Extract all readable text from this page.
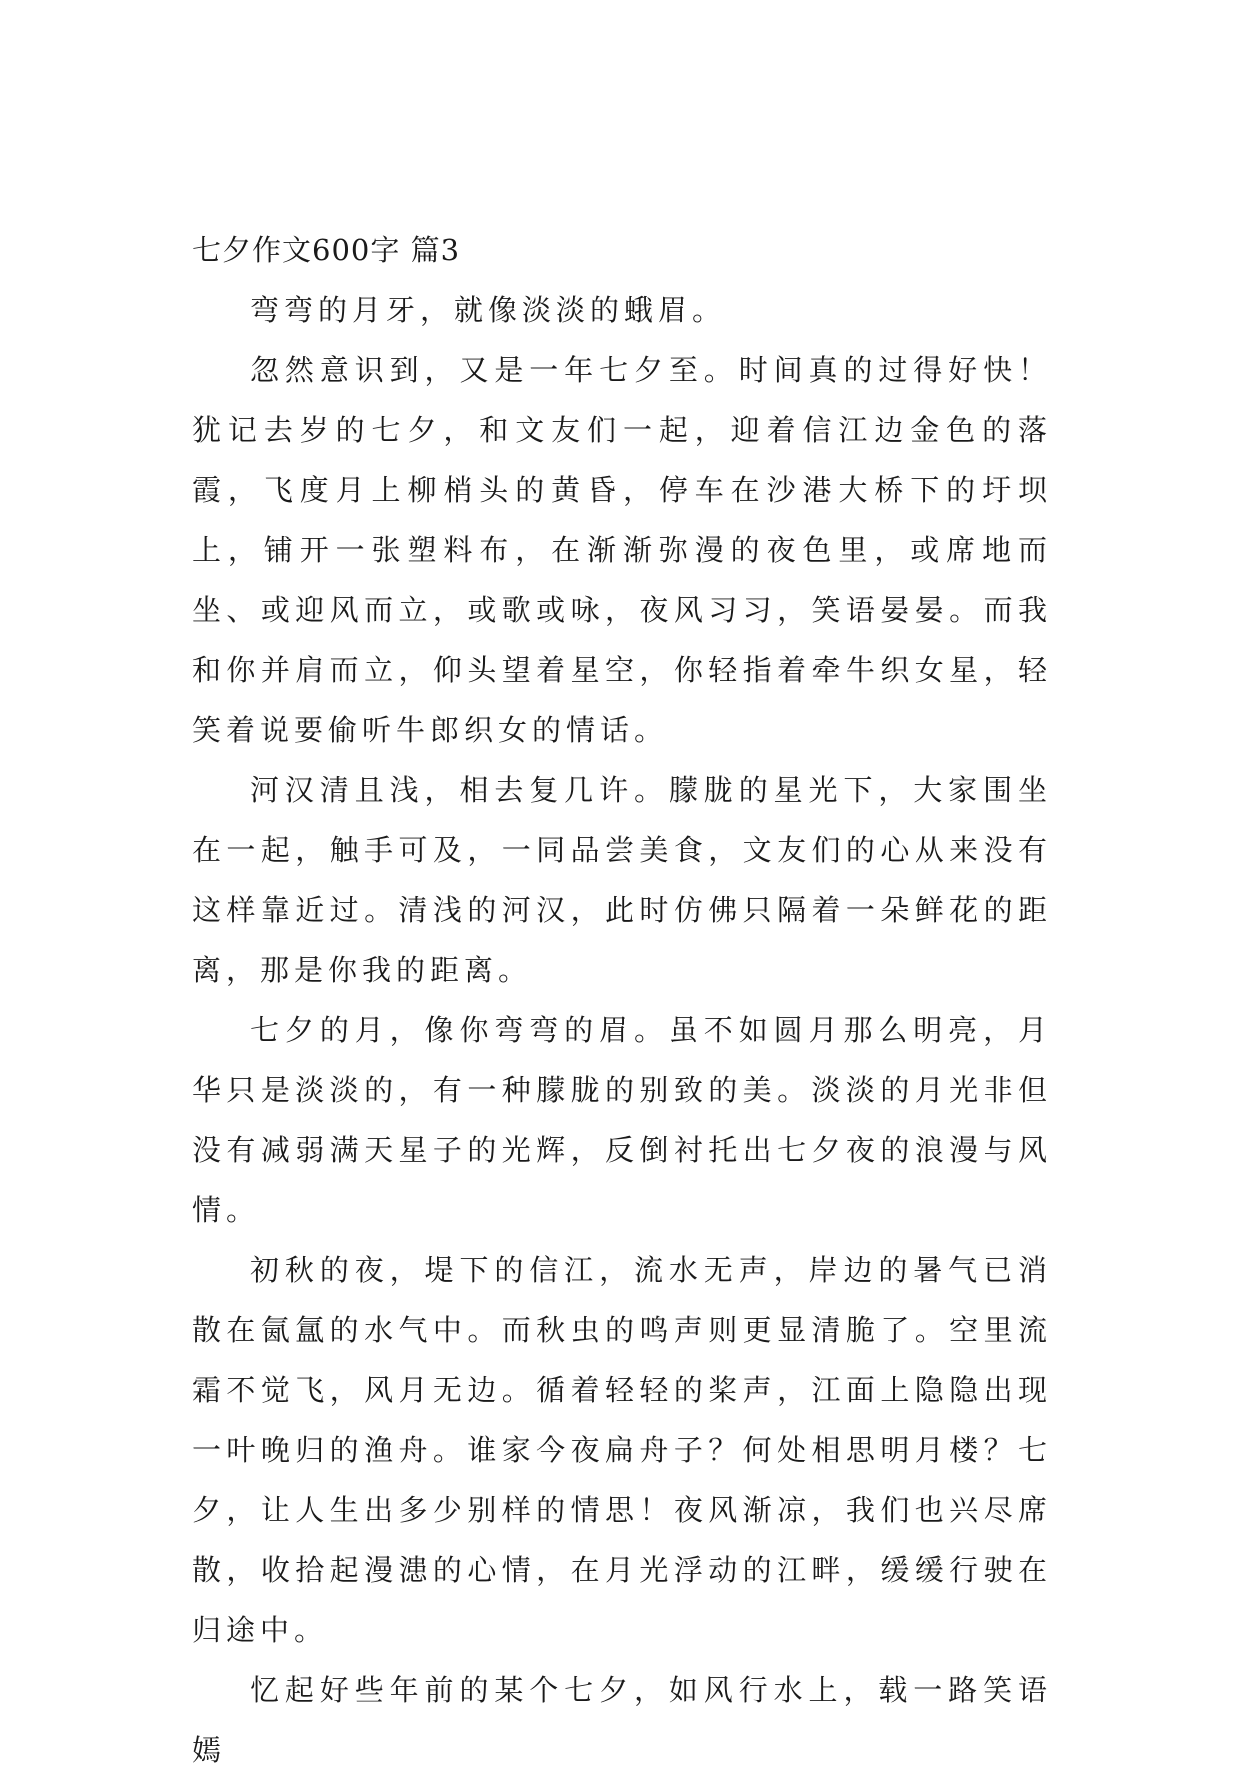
七夕作文600字 篇3

弯弯的月牙，就像淡淡的蛾眉。

忽然意识到，又是一年七夕至。时间真的过得好快！犹记去岁的七夕，和文友们一起，迎着信江边金色的落霞，飞度月上柳梢头的黄昏，停车在沙港大桥下的圩坝上，铺开一张塑料布，在渐渐弥漫的夜色里，或席地而坐、或迎风而立，或歌或咏，夜风习习，笑语晏晏。而我和你并肩而立，仰头望着星空，你轻指着牵牛织女星，轻笑着说要偷听牛郎织女的情话。

河汉清且浅，相去复几许。朦胧的星光下，大家围坐在一起，触手可及，一同品尝美食，文友们的心从来没有这样靠近过。清浅的河汉，此时仿佛只隔着一朵鲜花的距离，那是你我的距离。

七夕的月，像你弯弯的眉。虽不如圆月那么明亮，月华只是淡淡的，有一种朦胧的别致的美。淡淡的月光非但没有减弱满天星子的光辉，反倒衬托出七夕夜的浪漫与风情。

初秋的夜，堤下的信江，流水无声，岸边的暑气已消散在氤氲的水气中。而秋虫的鸣声则更显清脆了。空里流霜不觉飞，风月无边。循着轻轻的桨声，江面上隐隐出现一叶晚归的渔舟。谁家今夜扁舟子？何处相思明月楼？七夕，让人生出多少别样的情思！夜风渐凉，我们也兴尽席散，收拾起漫漶的心情，在月光浮动的江畔，缓缓行驶在归途中。

忆起好些年前的某个七夕，如风行水上，载一路笑语嫣
